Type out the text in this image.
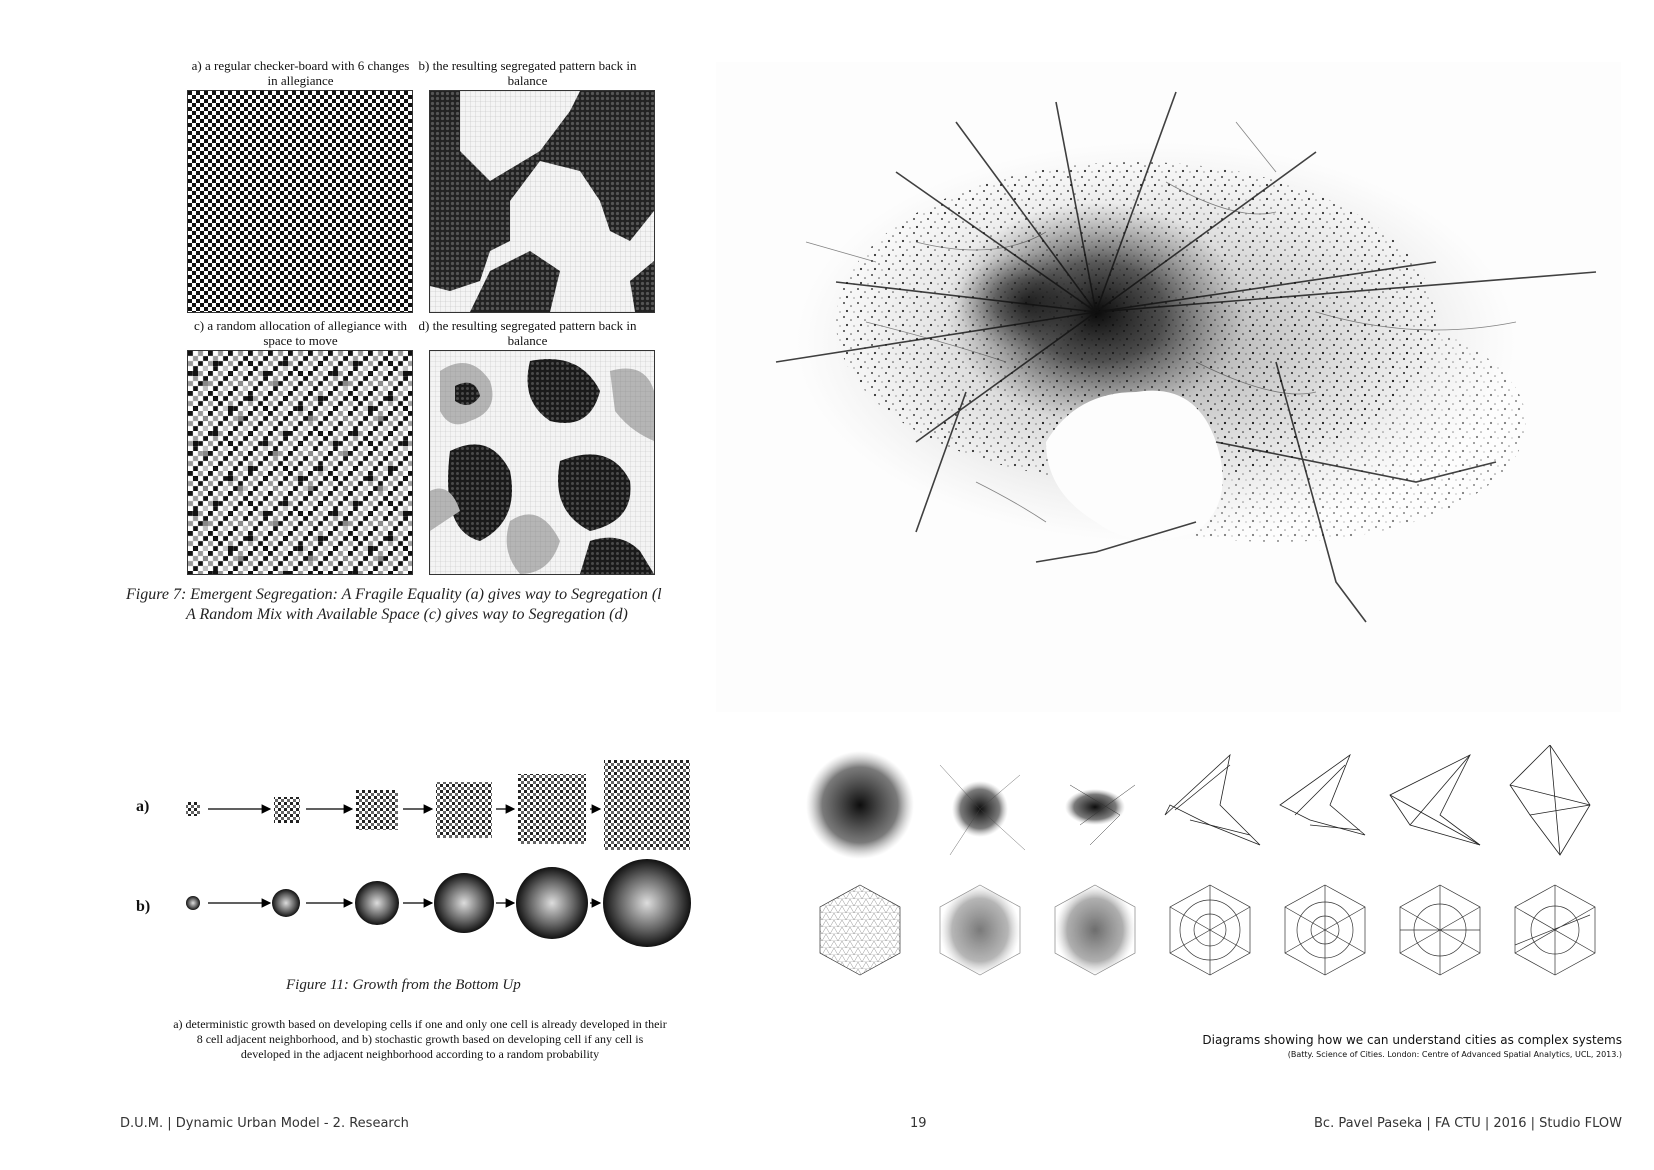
a) a regular checker-board with 6 changes in allegiance
b) the resulting segregated pattern back in balance
c) a random allocation of allegiance with space to move
d) the resulting segregated pattern back in balance
Figure 7: Emergent Segregation: A Fragile Equality (a) gives way to Segregation (l
A Random Mix with Available Space (c) gives way to Segregation (d)
a)
b)
Figure 11: Growth from the Bottom Up
a) deterministic growth based on developing cells if one and only one cell is already developed in their
8 cell adjacent neighborhood, and b) stochastic growth based on developing cell if any cell is
developed in the adjacent neighborhood according to a random probability
Diagrams showing how we can understand cities as complex systems
(Batty. Science of Cities. London: Centre of Advanced Spatial Analytics, UCL, 2013.)
D.U.M. | Dynamic Urban Model - 2. Research	19	Bc. Pavel Paseka | FA CTU | 2016 | Studio FLOW
